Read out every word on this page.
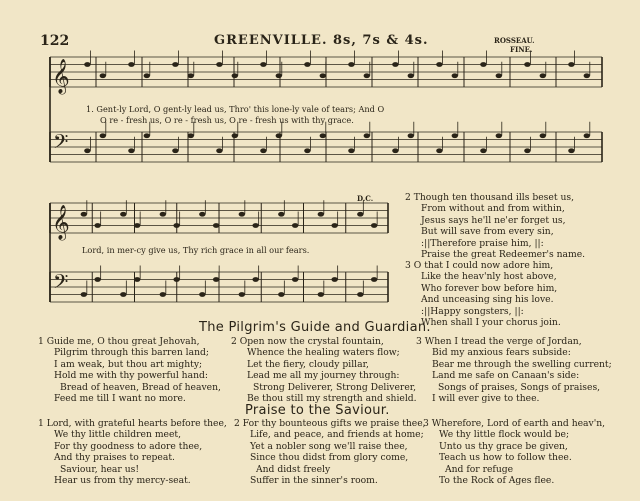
122	GREENVILLE. 8s, 7s & 4s.	ROSSEAU.
FINE.
D.C.
𝄞
𝄢
𝄞
𝄢
1. Gent-ly Lord, O gent-ly lead us, Thro' this lone-ly vale of tears; And O
O re - fresh us, O re - fresh us, O re - fresh us with thy grace.
Lord, in mer-cy give us, Thy rich grace in all our fears.
2 Though ten thousand ills beset us,
From without and from within,
Jesus says he'll ne'er forget us,
But will save from every sin,
:||Therefore praise him, ||:
Praise the great Redeemer's name.
3 O that I could now adore him,
Like the heav'nly host above,
Who forever bow before him,
And unceasing sing his love.
:||Happy songsters, ||:
When shall I your chorus join.
The Pilgrim's Guide and Guardian.
1 Guide me, O thou great Jehovah,
Pilgrim through this barren land;
I am weak, but thou art mighty;
Hold me with thy powerful hand:
Bread of heaven, Bread of heaven,
Feed me till I want no more.
2 Open now the crystal fountain,
Whence the healing waters flow;
Let the fiery, cloudy pillar,
Lead me all my journey through:
Strong Deliverer, Strong Deliverer,
Be thou still my strength and shield.
3 When I tread the verge of Jordan,
Bid my anxious fears subside:
Bear me through the swelling current;
Land me safe on Canaan's side:
Songs of praises, Songs of praises,
I will ever give to thee.
Praise to the Saviour.
1 Lord, with grateful hearts before thee,
We thy little children meet,
For thy goodness to adore thee,
And thy praises to repeat.
Saviour, hear us!
Hear us from thy mercy-seat.
2 For thy bounteous gifts we praise thee,
Life, and peace, and friends at home;
Yet a nobler song we'll raise thee,
Since thou didst from glory come,
And didst freely
Suffer in the sinner's room.
3 Wherefore, Lord of earth and heav'n,
We thy little flock would be;
Unto us thy grace be given,
Teach us how to follow thee.
And for refuge
To the Rock of Ages flee.
